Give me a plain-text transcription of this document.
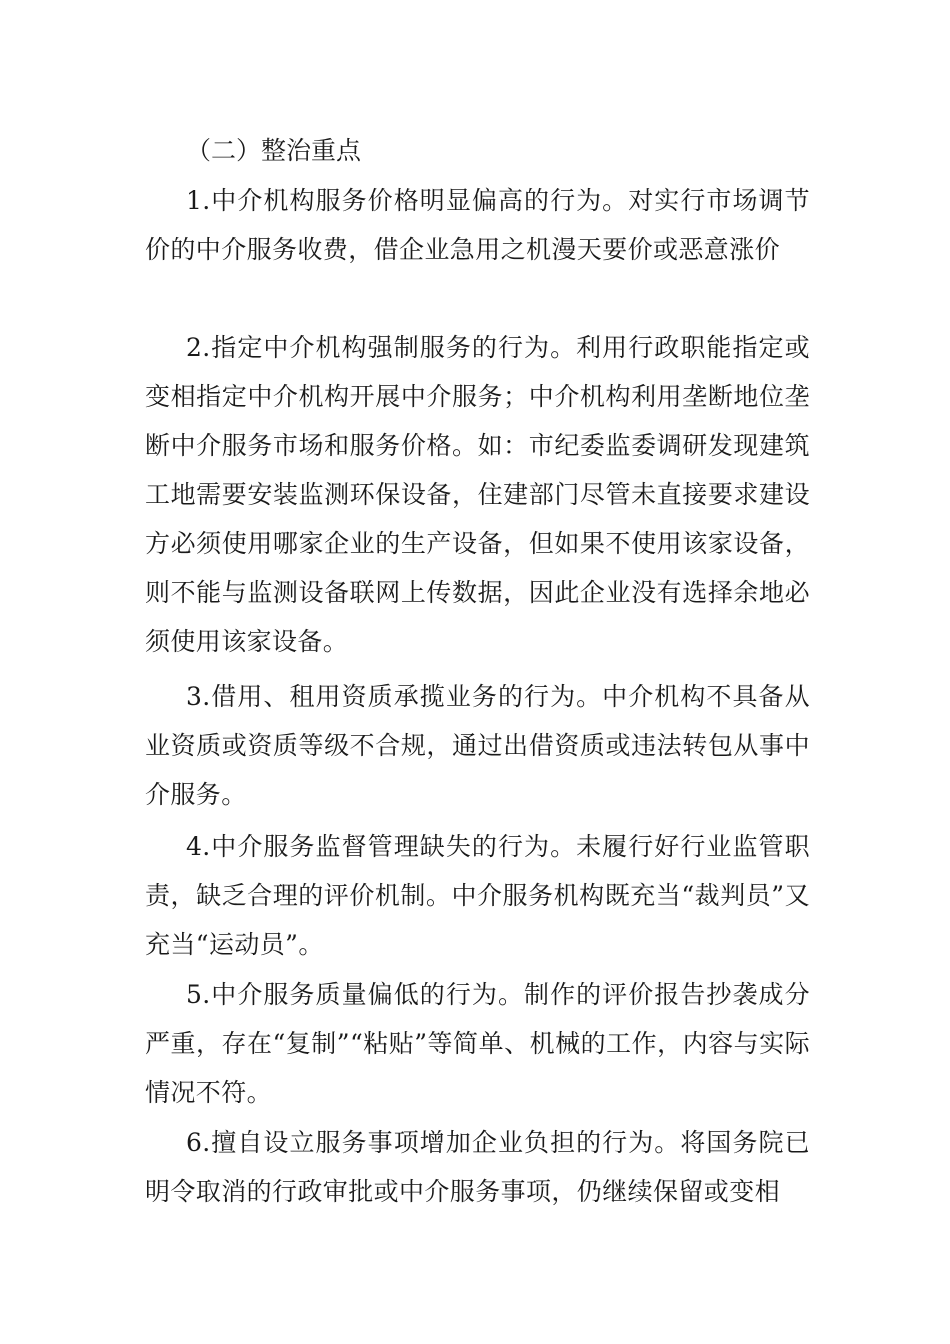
（二）整治重点

1.中介机构服务价格明显偏高的行为。对实行市场调节价的中介服务收费，借企业急用之机漫天要价或恶意涨价

2.指定中介机构强制服务的行为。利用行政职能指定或变相指定中介机构开展中介服务；中介机构利用垄断地位垄断中介服务市场和服务价格。如：市纪委监委调研发现建筑工地需要安装监测环保设备，住建部门尽管未直接要求建设方必须使用哪家企业的生产设备，但如果不使用该家设备，则不能与监测设备联网上传数据，因此企业没有选择余地必须使用该家设备。

3.借用、租用资质承揽业务的行为。中介机构不具备从业资质或资质等级不合规，通过出借资质或违法转包从事中介服务。

4.中介服务监督管理缺失的行为。未履行好行业监管职责，缺乏合理的评价机制。中介服务机构既充当“裁判员”又充当“运动员”。

5.中介服务质量偏低的行为。制作的评价报告抄袭成分严重，存在“复制”“粘贴”等简单、机械的工作，内容与实际情况不符。

6.擅自设立服务事项增加企业负担的行为。将国务院已明令取消的行政审批或中介服务事项，仍继续保留或变相
